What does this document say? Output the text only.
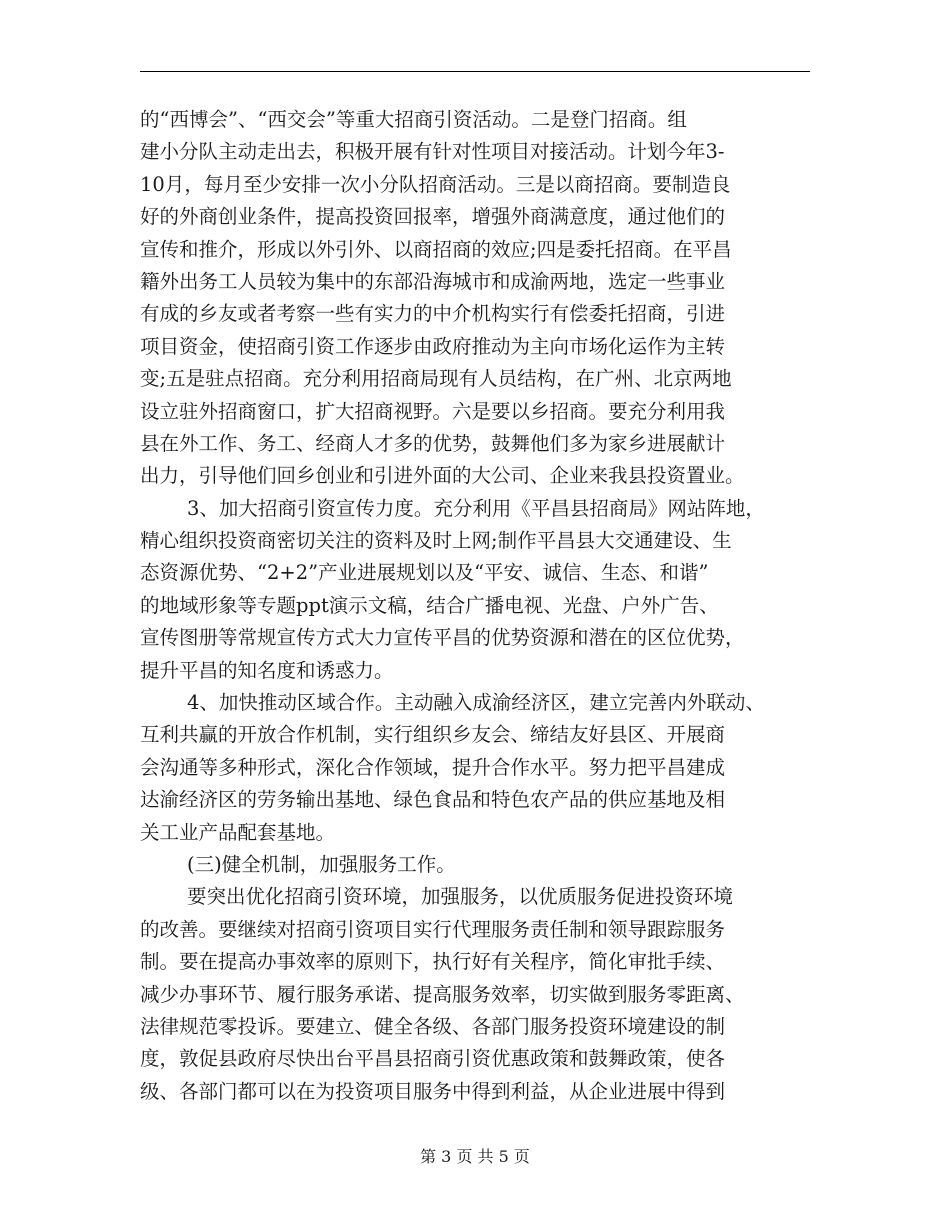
的“西博会”、“西交会”等重大招商引资活动。二是登门招商。组
建小分队主动走出去，积极开展有针对性项目对接活动。计划今年3-
10月，每月至少安排一次小分队招商活动。三是以商招商。要制造良
好的外商创业条件，提高投资回报率，增强外商满意度，通过他们的
宣传和推介，形成以外引外、以商招商的效应;四是委托招商。在平昌
籍外出务工人员较为集中的东部沿海城市和成渝两地，选定一些事业
有成的乡友或者考察一些有实力的中介机构实行有偿委托招商，引进
项目资金，使招商引资工作逐步由政府推动为主向市场化运作为主转
变;五是驻点招商。充分利用招商局现有人员结构，在广州、北京两地
设立驻外招商窗口，扩大招商视野。六是要以乡招商。要充分利用我
县在外工作、务工、经商人才多的优势，鼓舞他们多为家乡进展献计
出力，引导他们回乡创业和引进外面的大公司、企业来我县投资置业。
3、加大招商引资宣传力度。充分利用《平昌县招商局》网站阵地，
精心组织投资商密切关注的资料及时上网;制作平昌县大交通建设、生
态资源优势、“2+2”产业进展规划以及“平安、诚信、生态、和谐”
的地域形象等专题ppt演示文稿，结合广播电视、光盘、户外广告、
宣传图册等常规宣传方式大力宣传平昌的优势资源和潜在的区位优势，
提升平昌的知名度和诱惑力。
4、加快推动区域合作。主动融入成渝经济区，建立完善内外联动、
互利共赢的开放合作机制，实行组织乡友会、缔结友好县区、开展商
会沟通等多种形式，深化合作领域，提升合作水平。努力把平昌建成
达渝经济区的劳务输出基地、绿色食品和特色农产品的供应基地及相
关工业产品配套基地。
(三)健全机制，加强服务工作。
要突出优化招商引资环境，加强服务，以优质服务促进投资环境
的改善。要继续对招商引资项目实行代理服务责任制和领导跟踪服务
制。要在提高办事效率的原则下，执行好有关程序，简化审批手续、
减少办事环节、履行服务承诺、提高服务效率，切实做到服务零距离、
法律规范零投诉。要建立、健全各级、各部门服务投资环境建设的制
度，敦促县政府尽快出台平昌县招商引资优惠政策和鼓舞政策，使各
级、各部门都可以在为投资项目服务中得到利益，从企业进展中得到
第 3 页 共 5 页
